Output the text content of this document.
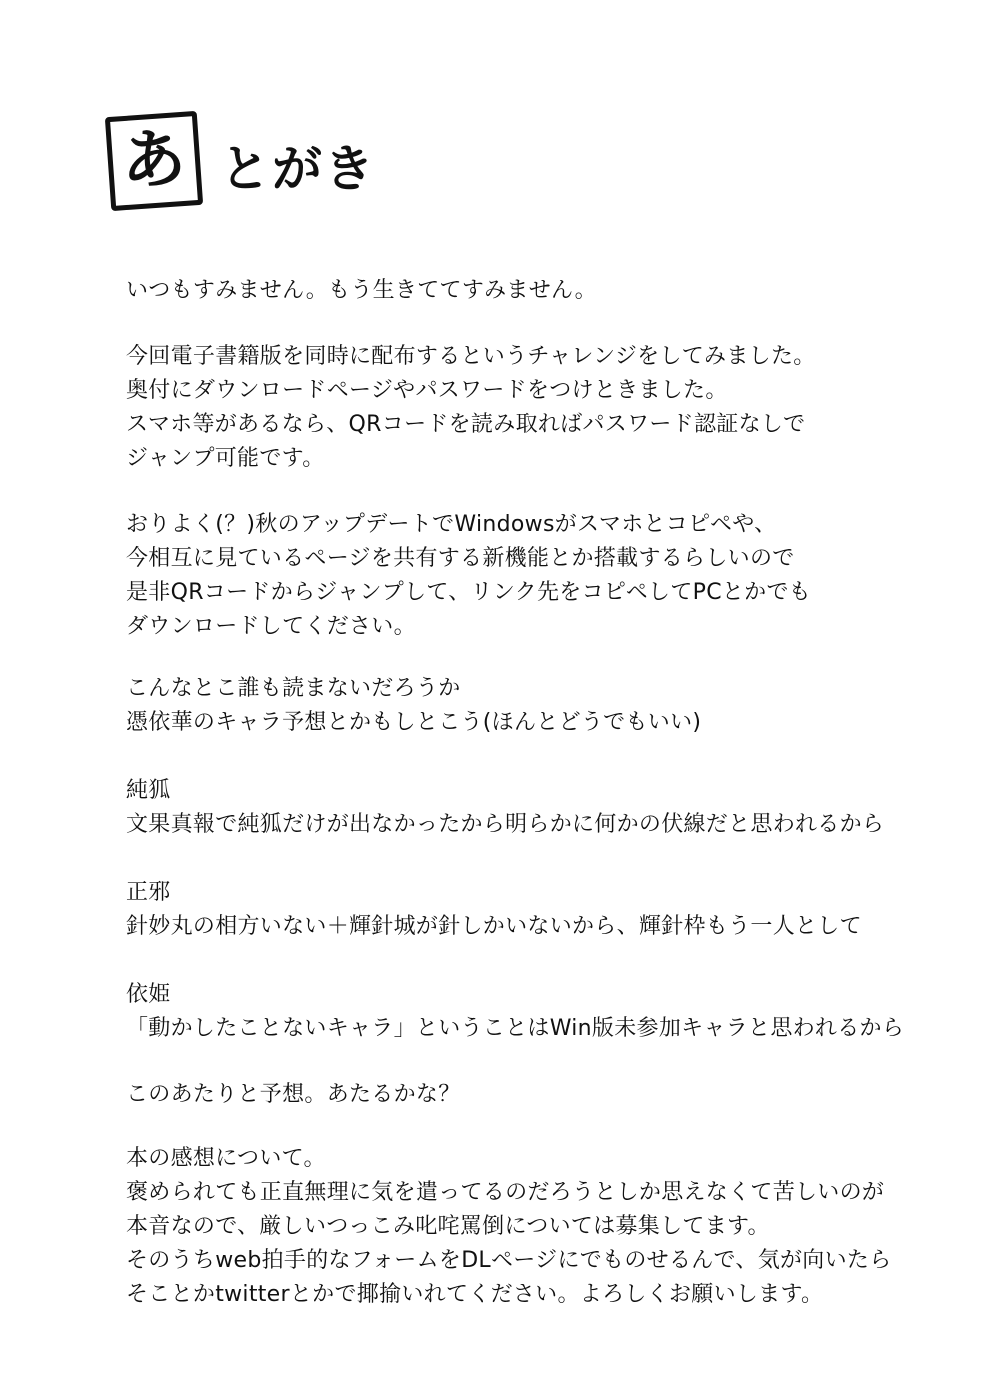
あ とがき
いつもすみません。もう生きててすみません。
今回電子書籍版を同時に配布するというチャレンジをしてみました。
奥付にダウンロードページやパスワードをつけときました。
スマホ等があるなら、QRコードを読み取ればパスワード認証なしで
ジャンプ可能です。
おりよく(？)秋のアップデートでWindowsがスマホとコピペや、
今相互に見ているページを共有する新機能とか搭載するらしいので
是非QRコードからジャンプして、リンク先をコピペしてPCとかでも
ダウンロードしてください。
こんなとこ誰も読まないだろうか
憑依華のキャラ予想とかもしとこう(ほんとどうでもいい)
純狐
文果真報で純狐だけが出なかったから明らかに何かの伏線だと思われるから
正邪
針妙丸の相方いない＋輝針城が針しかいないから、輝針枠もう一人として
依姫
「動かしたことないキャラ」ということはWin版未参加キャラと思われるから
このあたりと予想。あたるかな？
本の感想について。
褒められても正直無理に気を遣ってるのだろうとしか思えなくて苦しいのが
本音なので、厳しいつっこみ叱咤罵倒については募集してます。
そのうちweb拍手的なフォームをDLページにでものせるんで、気が向いたら
そことかtwitterとかで揶揄いれてください。よろしくお願いします。
